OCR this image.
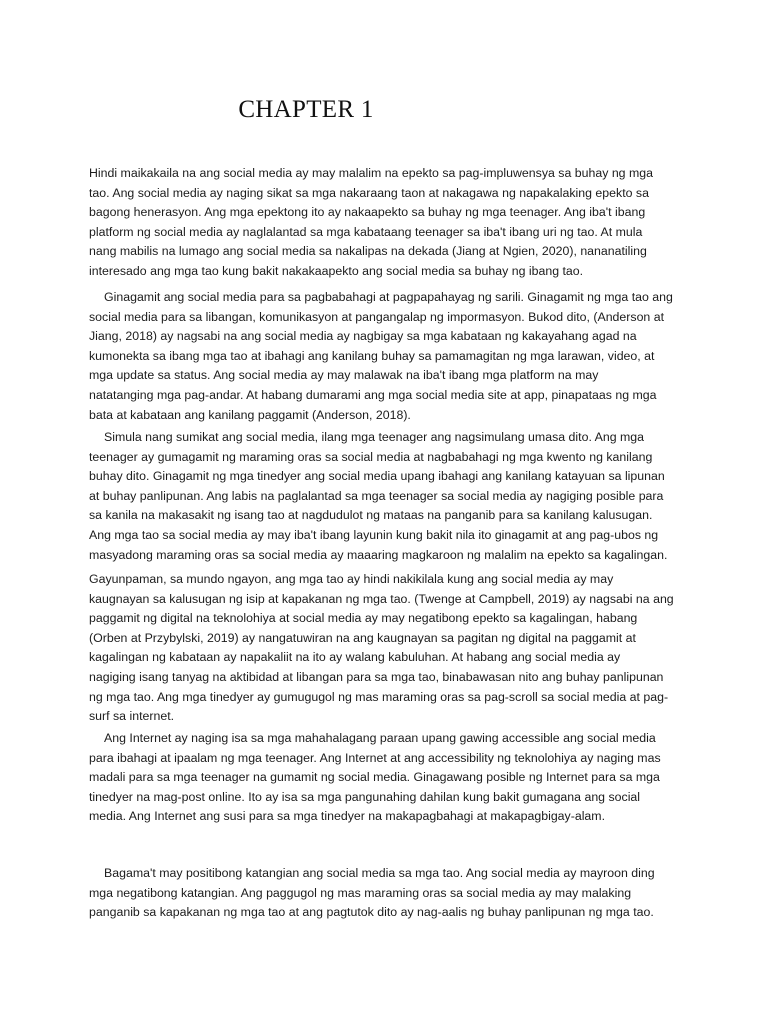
CHAPTER 1
Hindi maikakaila na ang social media ay may malalim na epekto sa pag-impluwensya sa buhay ng mga
tao. Ang social media ay naging sikat sa mga nakaraang taon at nakagawa ng napakalaking epekto sa
bagong henerasyon. Ang mga epektong ito ay nakaapekto sa buhay ng mga teenager. Ang iba't ibang
platform ng social media ay naglalantad sa mga kabataang teenager sa iba't ibang uri ng tao. At mula
nang mabilis na lumago ang social media sa nakalipas na dekada (Jiang at Ngien, 2020), nananatiling
interesado ang mga tao kung bakit nakakaapekto ang social media sa buhay ng ibang tao.
Ginagamit ang social media para sa pagbabahagi at pagpapahayag ng sarili. Ginagamit ng mga tao ang
social media para sa libangan, komunikasyon at pangangalap ng impormasyon. Bukod dito, (Anderson at
Jiang, 2018) ay nagsabi na ang social media ay nagbigay sa mga kabataan ng kakayahang agad na
kumonekta sa ibang mga tao at ibahagi ang kanilang buhay sa pamamagitan ng mga larawan, video, at
mga update sa status. Ang social media ay may malawak na iba't ibang mga platform na may
natatanging mga pag-andar. At habang dumarami ang mga social media site at app, pinapataas ng mga
bata at kabataan ang kanilang paggamit (Anderson, 2018).
Simula nang sumikat ang social media, ilang mga teenager ang nagsimulang umasa dito. Ang mga
teenager ay gumagamit ng maraming oras sa social media at nagbabahagi ng mga kwento ng kanilang
buhay dito. Ginagamit ng mga tinedyer ang social media upang ibahagi ang kanilang katayuan sa lipunan
at buhay panlipunan. Ang labis na paglalantad sa mga teenager sa social media ay nagiging posible para
sa kanila na makasakit ng isang tao at nagdudulot ng mataas na panganib para sa kanilang kalusugan.
Ang mga tao sa social media ay may iba't ibang layunin kung bakit nila ito ginagamit at ang pag-ubos ng
masyadong maraming oras sa social media ay maaaring magkaroon ng malalim na epekto sa kagalingan.
Gayunpaman, sa mundo ngayon, ang mga tao ay hindi nakikilala kung ang social media ay may
kaugnayan sa kalusugan ng isip at kapakanan ng mga tao. (Twenge at Campbell, 2019) ay nagsabi na ang
paggamit ng digital na teknolohiya at social media ay may negatibong epekto sa kagalingan, habang
(Orben at Przybylski, 2019) ay nangatuwiran na ang kaugnayan sa pagitan ng digital na paggamit at
kagalingan ng kabataan ay napakaliit na ito ay walang kabuluhan. At habang ang social media ay
nagiging isang tanyag na aktibidad at libangan para sa mga tao, binabawasan nito ang buhay panlipunan
ng mga tao. Ang mga tinedyer ay gumugugol ng mas maraming oras sa pag-scroll sa social media at pag-
surf sa internet.
Ang Internet ay naging isa sa mga mahahalagang paraan upang gawing accessible ang social media
para ibahagi at ipaalam ng mga teenager. Ang Internet at ang accessibility ng teknolohiya ay naging mas
madali para sa mga teenager na gumamit ng social media. Ginagawang posible ng Internet para sa mga
tinedyer na mag-post online. Ito ay isa sa mga pangunahing dahilan kung bakit gumagana ang social
media. Ang Internet ang susi para sa mga tinedyer na makapagbahagi at makapagbigay-alam.
Bagama't may positibong katangian ang social media sa mga tao. Ang social media ay mayroon ding
mga negatibong katangian. Ang paggugol ng mas maraming oras sa social media ay may malaking
panganib sa kapakanan ng mga tao at ang pagtutok dito ay nag-aalis ng buhay panlipunan ng mga tao.
